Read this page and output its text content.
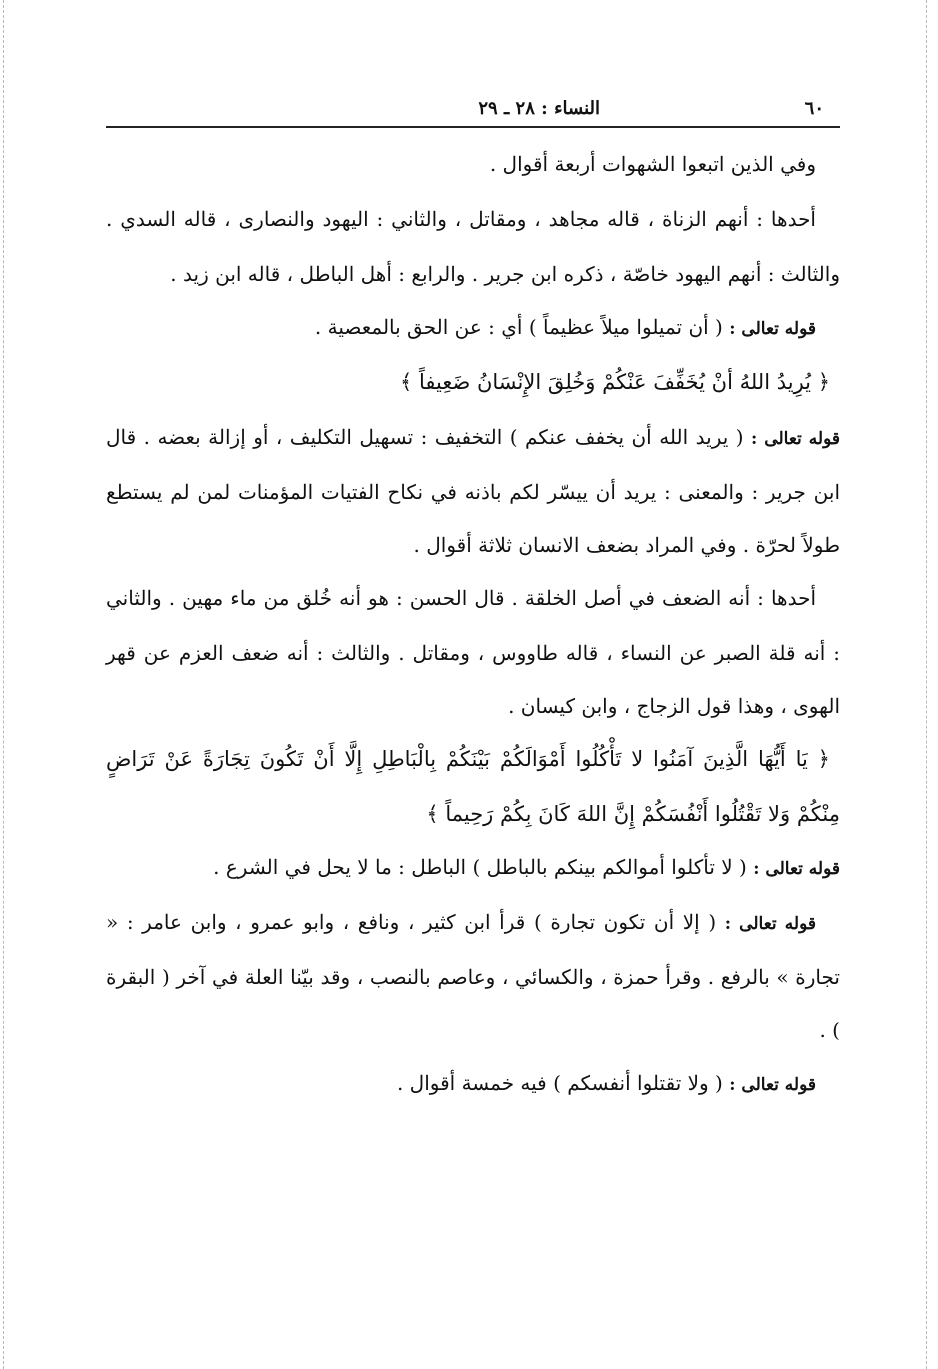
٦٠
النساء : ٢٨ ـ ٢٩

وفي الذين اتبعوا الشهوات أربعة أقوال .

أحدها : أنهم الزناة ، قاله مجاهد ، ومقاتل ، والثاني : اليهود والنصارى ، قاله السدي . والثالث : أنهم اليهود خاصّة ، ذكره ابن جرير . والرابع : أهل الباطل ، قاله ابن زيد .

قوله تعالى : ( أن تميلوا ميلاً عظيماً ) أي : عن الحق بالمعصية .

﴿ يُرِيدُ اللهُ أنْ يُخَفِّفَ عَنْكُمْ وَخُلِقَ الإِنْسَانُ ضَعِيفاً ﴾

قوله تعالى : ( يريد الله أن يخفف عنكم ) التخفيف : تسهيل التكليف ، أو إزالة بعضه . قال ابن جرير : والمعنى : يريد أن ييسّر لكم باذنه في نكاح الفتيات المؤمنات لمن لم يستطع طولاً لحرّة . وفي المراد بضعف الانسان ثلاثة أقوال .

أحدها : أنه الضعف في أصل الخلقة . قال الحسن : هو أنه خُلق من ماء مهين . والثاني : أنه قلة الصبر عن النساء ، قاله طاووس ، ومقاتل . والثالث : أنه ضعف العزم عن قهر الهوى ، وهذا قول الزجاج ، وابن كيسان .

﴿ يَا أَيُّهَا الَّذِينَ آمَنُوا لا تَأْكُلُوا أَمْوَالَكُمْ بَيْنَكُمْ بِالْبَاطِلِ إِلَّا أَنْ تَكُونَ تِجَارَةً عَنْ تَرَاضٍ مِنْكُمْ وَلا تَقْتُلُوا أَنْفُسَكُمْ إِنَّ اللهَ كَانَ بِكُمْ رَحِيماً ﴾

قوله تعالى : ( لا تأكلوا أموالكم بينكم بالباطل ) الباطل : ما لا يحل في الشرع .

قوله تعالى : ( إلا أن تكون تجارة ) قرأ ابن كثير ، ونافع ، وابو عمرو ، وابن عامر : « تجارة » بالرفع . وقرأ حمزة ، والكسائي ، وعاصم بالنصب ، وقد بيّنا العلة في آخر ( البقرة ) .

قوله تعالى : ( ولا تقتلوا أنفسكم ) فيه خمسة أقوال .
